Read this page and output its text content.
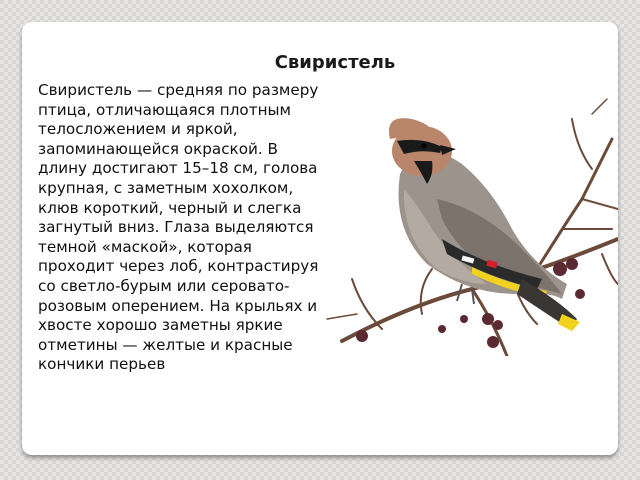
Свиристель
Свиристель — средняя по размеру птица, отличающаяся плотным телосложением и яркой, запоминающейся окраской. В длину достигают 15–18 см, голова крупная, с заметным хохолком, клюв короткий, черный и слегка загнутый вниз. Глаза выделяются темной «маской», которая проходит через лоб, контрастируя со светло-бурым или серовато-розовым оперением. На крыльях и хвосте хорошо заметны яркие отметины — желтые и красные кончики перьев
